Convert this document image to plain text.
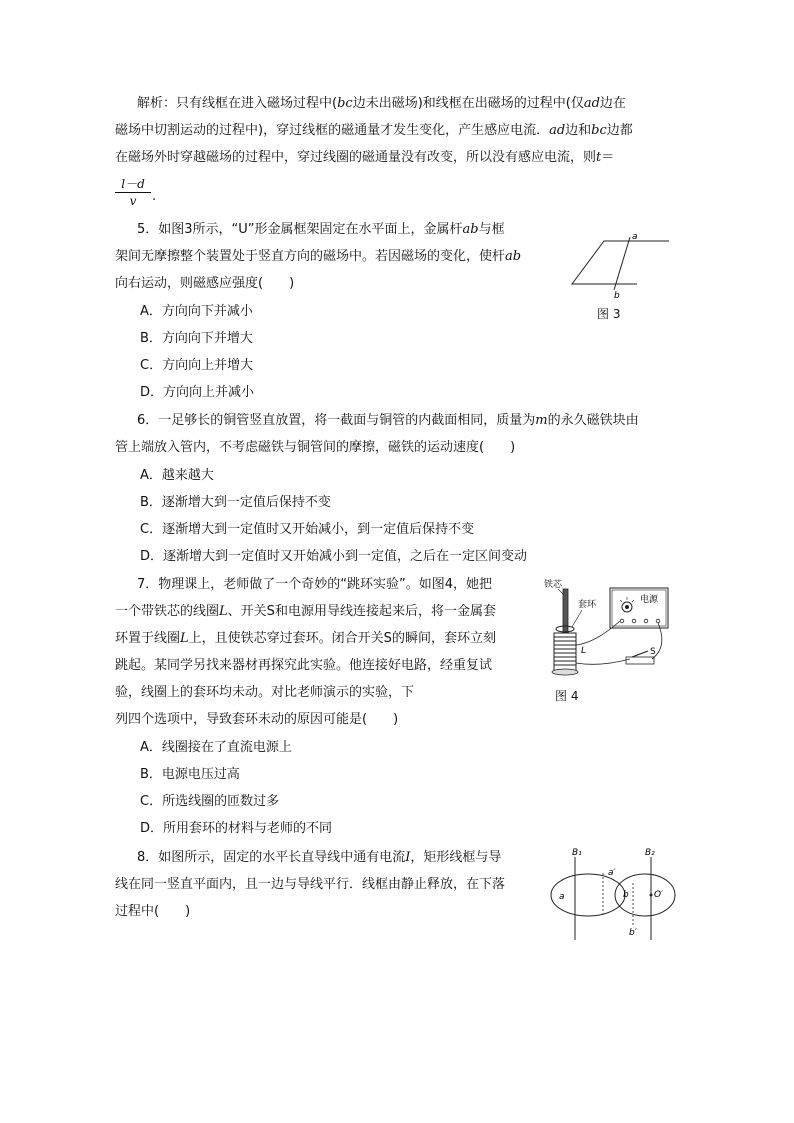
解析：只有线框在进入磁场过程中(bc边未出磁场)和线框在出磁场的过程中(仅ad边在
磁场中切割运动的过程中)，穿过线框的磁通量才发生变化，产生感应电流．ad边和bc边都
在磁场外时穿越磁场的过程中，穿过线圈的磁通量没有改变，所以没有感应电流，则t＝
l－d
v	.
5．如图3所示，“U”形金属框架固定在水平面上，金属杆ab与框
架间无摩擦整个装置处于竖直方向的磁场中。若因磁场的变化，使杆ab
向右运动，则磁感应强度(　　)
A．方向向下并减小
B．方向向下并增大
C．方向向上并增大
D．方向向上并减小
a
b
图 3
6．一足够长的铜管竖直放置，将一截面与铜管的内截面相同，质量为m的永久磁铁块由
管上端放入管内，不考虑磁铁与铜管间的摩擦，磁铁的运动速度(　　)
A．越来越大
B．逐渐增大到一定值后保持不变
C．逐渐增大到一定值时又开始减小，到一定值后保持不变
D．逐渐增大到一定值时又开始减小到一定值，之后在一定区间变动
7．物理课上，老师做了一个奇妙的“跳环实验”。如图4，她把
一个带铁芯的线圈L、开关S和电源用导线连接起来后，将一金属套
环置于线圈L上，且使铁芯穿过套环。闭合开关S的瞬间，套环立刻
跳起。某同学另找来器材再探究此实验。他连接好电路，经重复试
验，线圈上的套环均未动。对比老师演示的实验，下
列四个选项中，导致套环未动的原因可能是(　　)
A．线圈接在了直流电源上
B．电源电压过高
C．所选线圈的匝数过多
D．所用套环的材料与老师的不同
电源
S
铁芯
套环
L
图 4
8．如图所示，固定的水平长直导线中通有电流I，矩形线框与导
线在同一竖直平面内，且一边与导线平行．线框由静止释放，在下落
过程中(　　)
B₁	B₂
a
a′
b	O′
b′
